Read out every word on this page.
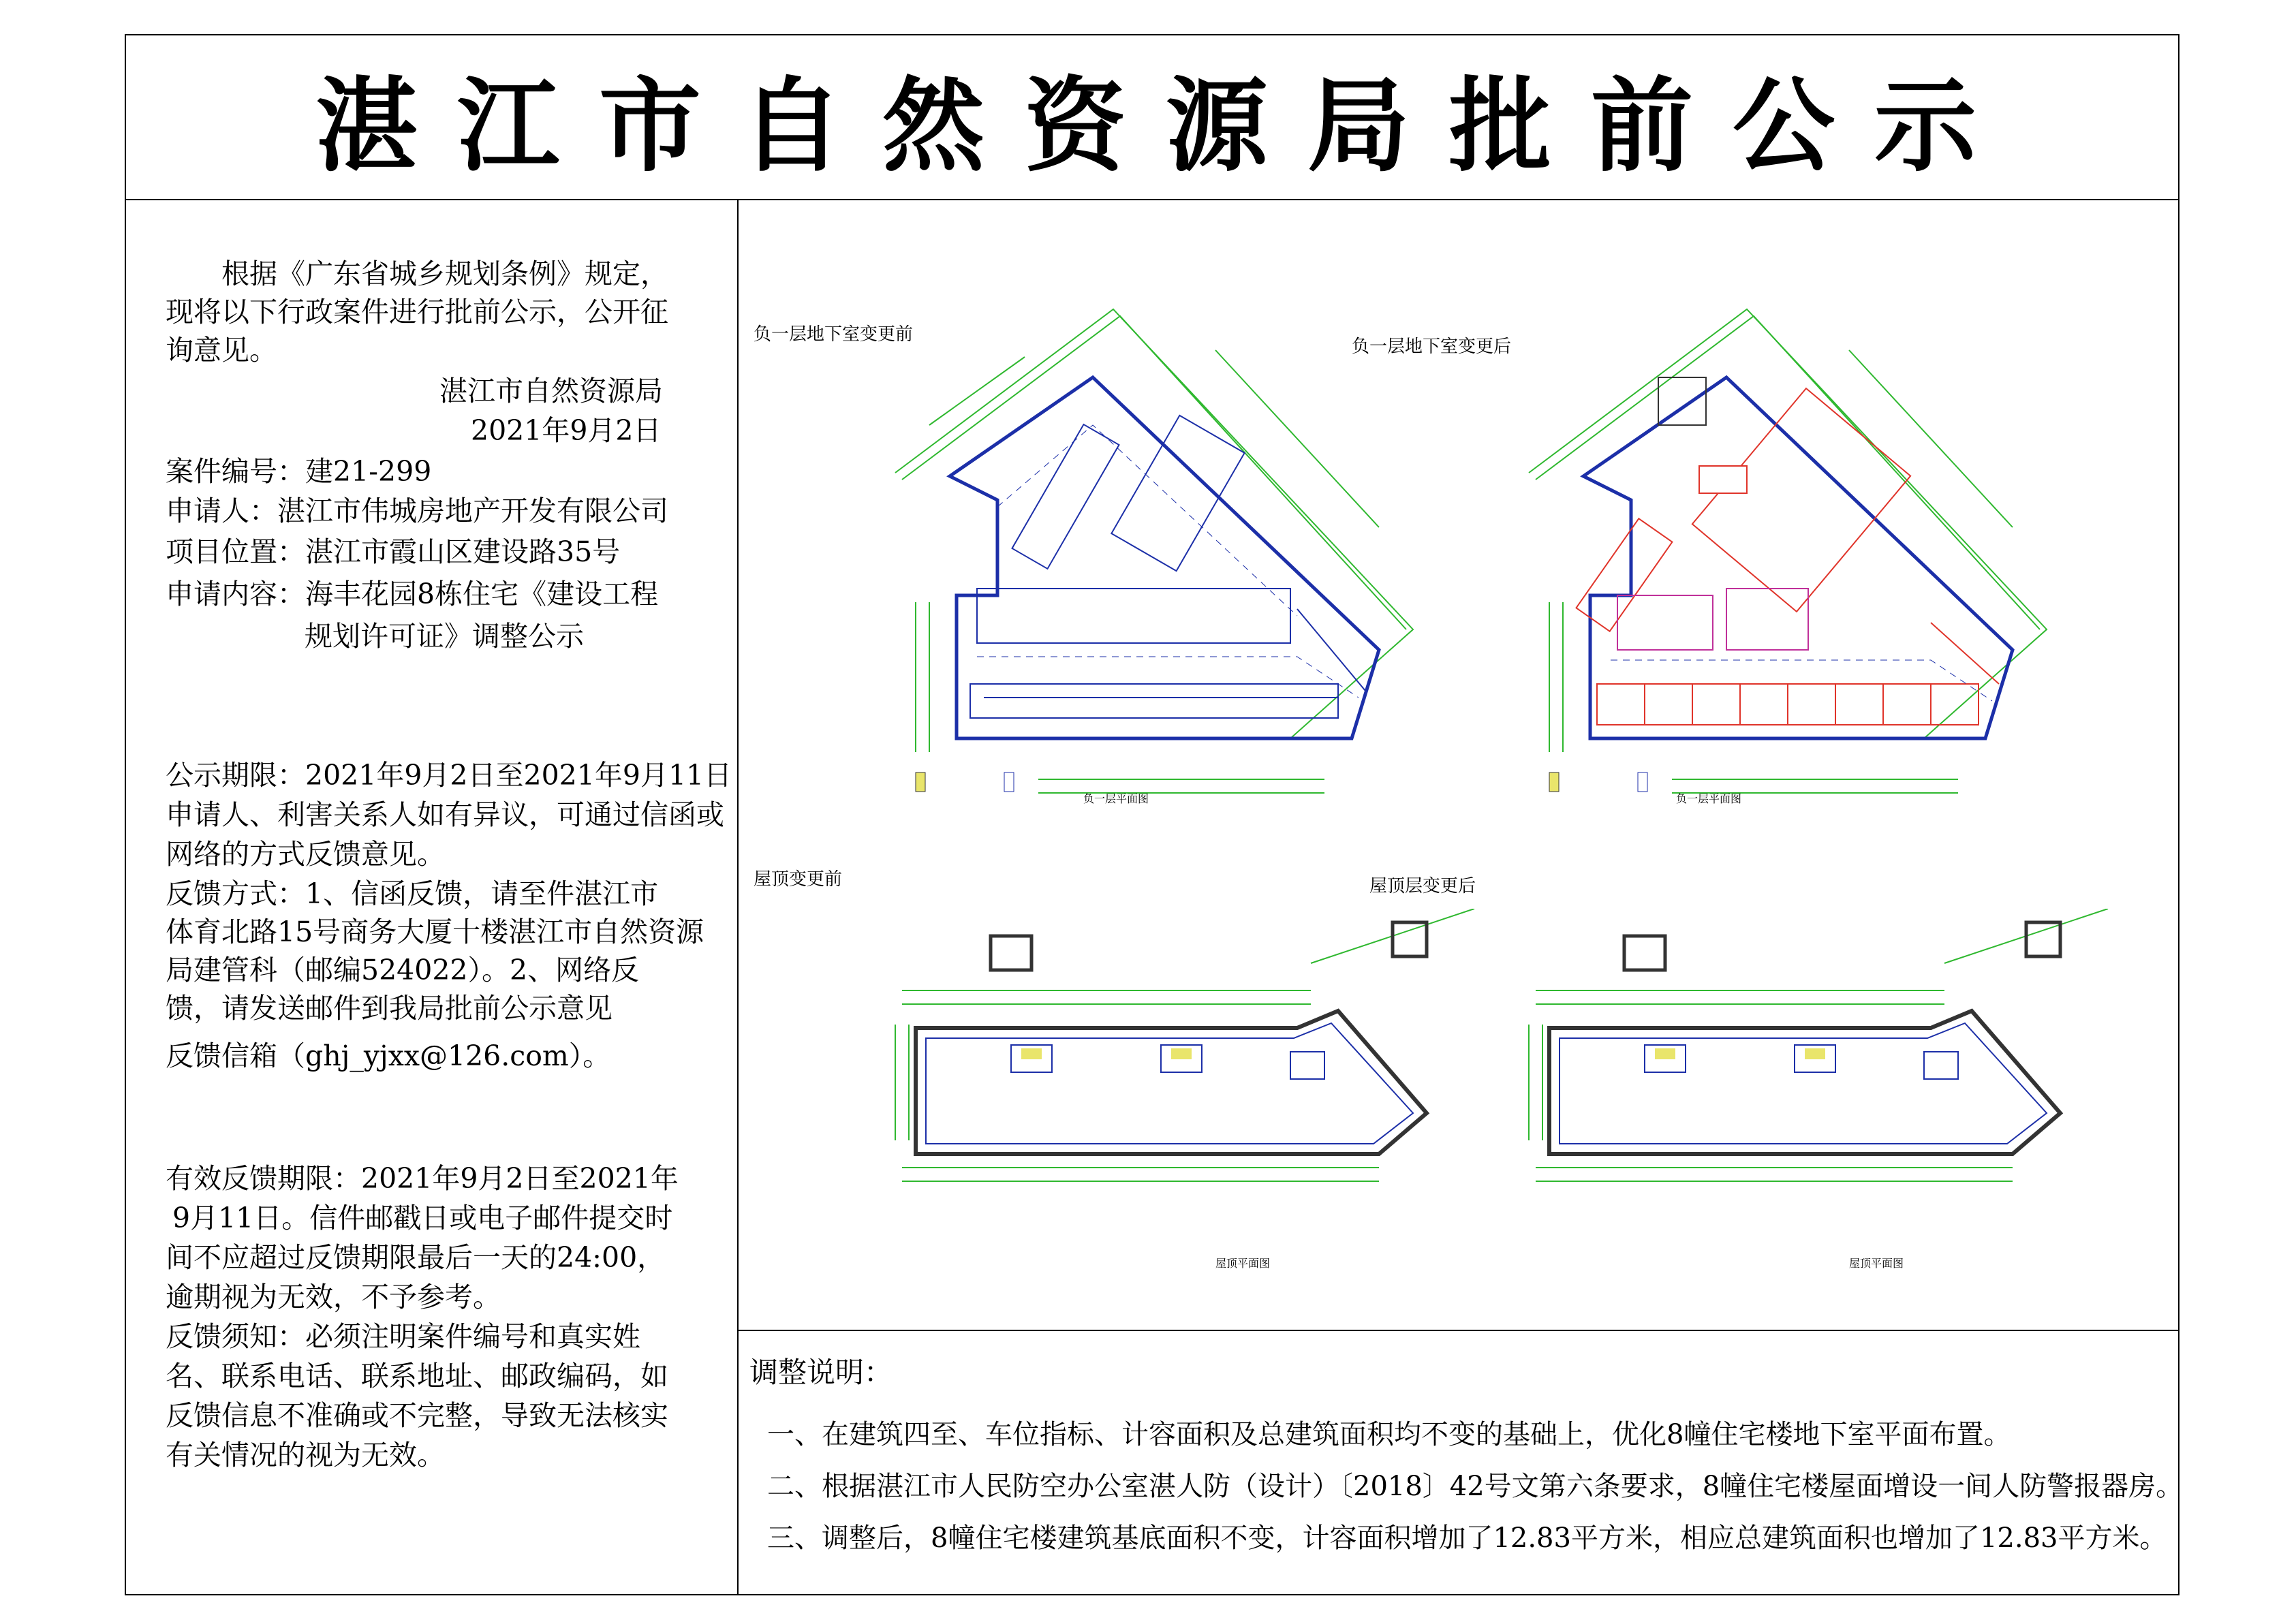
湛江市自然资源局批前公示
根据《广东省城乡规划条例》规定，
现将以下行政案件进行批前公示，公开征
询意见。
湛江市自然资源局
2021年9月2日
案件编号：建21-299
申请人：湛江市伟城房地产开发有限公司
项目位置：湛江市霞山区建设路35号
申请内容：海丰花园8栋住宅《建设工程
规划许可证》调整公示
公示期限：2021年9月2日至2021年9月11日
申请人、利害关系人如有异议，可通过信函或
网络的方式反馈意见。
反馈方式：1、信函反馈，请至件湛江市
体育北路15号商务大厦十楼湛江市自然资源
局建管科（邮编524022）。2、网络反
馈，请发送邮件到我局批前公示意见
反馈信箱（ghj_yjxx@126.com）。
有效反馈期限：2021年9月2日至2021年
9月11日。信件邮戳日或电子邮件提交时
间不应超过反馈期限最后一天的24:00，
逾期视为无效，不予参考。
反馈须知：必须注明案件编号和真实姓
名、联系电话、联系地址、邮政编码，如
反馈信息不准确或不完整，导致无法核实
有关情况的视为无效。
负一层地下室变更前
负一层地下室变更后
屋顶变更前	屋顶层变更后
负一层平面图	负一层平面图
屋顶平面图	屋顶平面图
调整说明：
一、在建筑四至、车位指标、计容面积及总建筑面积均不变的基础上，优化8幢住宅楼地下室平面布置。
二、根据湛江市人民防空办公室湛人防（设计）〔2018〕42号文第六条要求，8幢住宅楼屋面增设一间人防警报器房。
三、调整后，8幢住宅楼建筑基底面积不变，计容面积增加了12.83平方米，相应总建筑面积也增加了12.83平方米。
